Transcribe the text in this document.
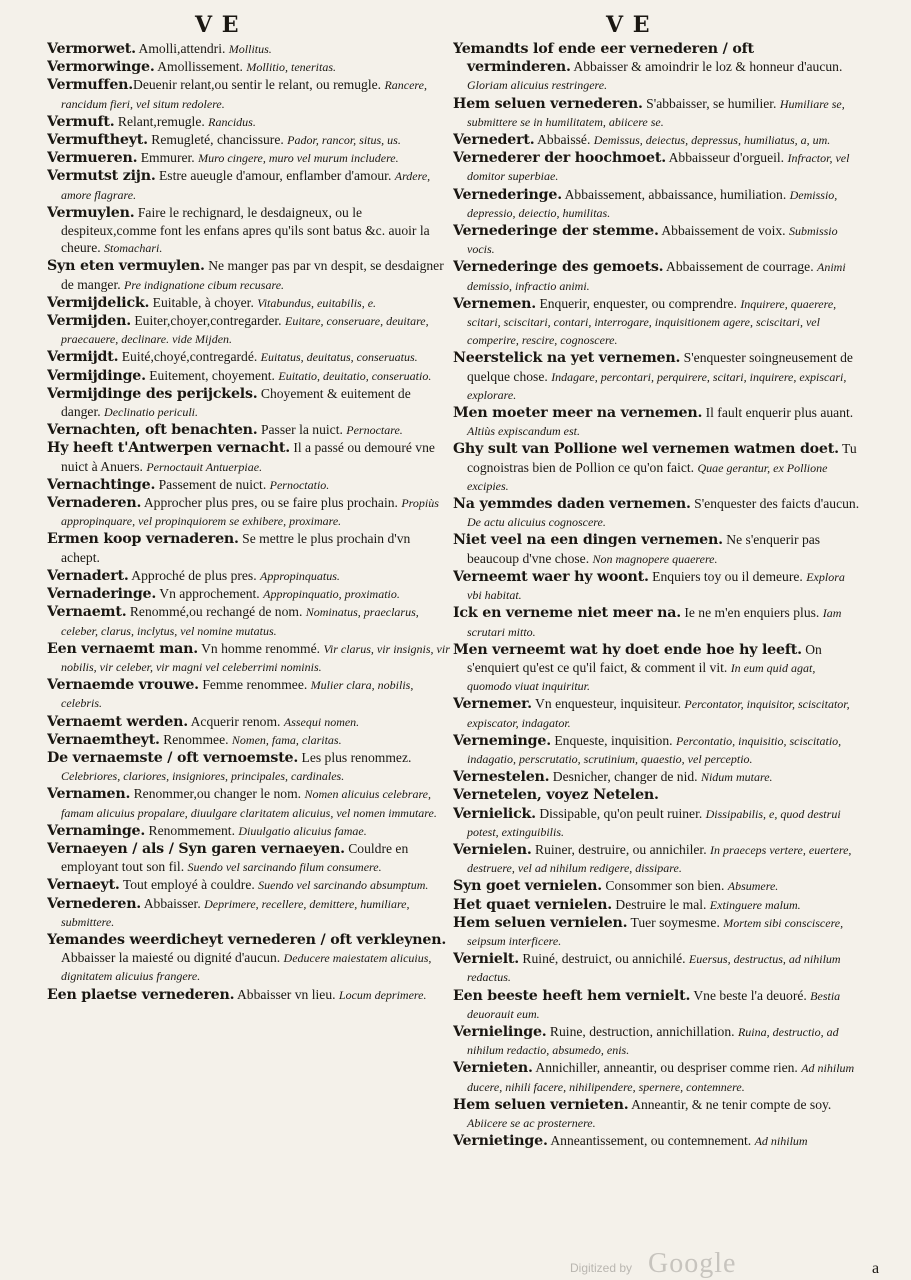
V E	V E

Vermorwet. Amolli,attendri. Mollitus.

Vermorwinge. Amollissement. Mollitio, teneritas.

Vermuffen.Deuenir relant,ou sentir le relant, ou remugle. Rancere, rancidum fieri, vel situm redolere.

Vermuft. Relant,remugle. Rancidus.

Vermuftheyt. Remugleté, chancissure. Pador, rancor, situs, us.

Vermueren. Emmurer. Muro cingere, muro vel murum includere.

Vermutst zijn. Estre aueugle d'amour, enflamber d'amour. Ardere, amore flagrare.

Vermuylen. Faire le rechignard, le desdaigneux, ou le despiteux,comme font les enfans apres qu'ils sont batus &c. auoir la cheure. Stomachari.

Syn eten vermuylen. Ne manger pas par vn despit, se desdaigner de manger. Pre indignatione cibum recusare.

Vermijdelick. Euitable, à choyer. Vitabundus, euitabilis, e.

Vermijden. Euiter,choyer,contregarder. Euitare, conseruare, deuitare, praecauere, declinare. vide Mijden.

Vermijdt. Euité,choyé,contregardé. Euitatus, deuitatus, conseruatus.

Vermijdinge. Euitement, choyement. Euitatio, deuitatio, conseruatio.

Vermijdinge des perijckels. Choyement & euitement de danger. Declinatio periculi.

Vernachten, oft benachten. Passer la nuict. Pernoctare.

Hy heeft t'Antwerpen vernacht. Il a passé ou demouré vne nuict à Anuers. Pernoctauit Antuerpiae.

Vernachtinge. Passement de nuict. Pernoctatio.

Vernaderen. Approcher plus pres, ou se faire plus prochain. Propiùs appropinquare, vel propinquiorem se exhibere, proximare.

Ermen koop vernaderen. Se mettre le plus prochain d'vn achept.

Vernadert. Approché de plus pres. Appropinquatus.

Vernaderinge. Vn approchement. Appropinquatio, proximatio.

Vernaemt. Renommé,ou rechangé de nom. Nominatus, praeclarus, celeber, clarus, inclytus, vel nomine mutatus.

Een vernaemt man. Vn homme renommé. Vir clarus, vir insignis, vir nobilis, vir celeber, vir magni vel celeberrimi nominis.

Vernaemde vrouwe. Femme renommee. Mulier clara, nobilis, celebris.

Vernaemt werden. Acquerir renom. Assequi nomen.

Vernaemtheyt. Renommee. Nomen, fama, claritas.

De vernaemste / oft vernoemste. Les plus renommez. Celebriores, clariores, insigniores, principales, cardinales.

Vernamen. Renommer,ou changer le nom. Nomen alicuius celebrare, famam alicuius propalare, diuulgare claritatem alicuius, vel nomen immutare.

Vernaminge. Renommement. Diuulgatio alicuius famae.

Vernaeyen / als / Syn garen vernaeyen. Couldre en employant tout son fil. Suendo vel sarcinando filum consumere.

Vernaeyt. Tout employé à couldre. Suendo vel sarcinando absumptum.

Vernederen. Abbaisser. Deprimere, recellere, demittere, humiliare, submittere.

Yemandes weerdicheyt vernederen / oft verkleynen. Abbaisser la maiesté ou dignité d'aucun. Deducere maiestatem alicuius, dignitatem alicuius frangere.

Een plaetse vernederen. Abbaisser vn lieu. Locum deprimere.

Yemandts lof ende eer vernederen / oft verminderen. Abbaisser & amoindrir le loz & honneur d'aucun. Gloriam alicuius restringere.

Hem seluen vernederen. S'abbaisser, se humilier. Humiliare se, submittere se in humilitatem, abiicere se.

Vernedert. Abbaissé. Demissus, deiectus, depressus, humiliatus, a, um.

Vernederer der hoochmoet. Abbaisseur d'orgueil. Infractor, vel domitor superbiae.

Vernederinge. Abbaissement, abbaissance, humiliation. Demissio, depressio, deiectio, humilitas.

Vernederinge der stemme. Abbaissement de voix. Submissio vocis.

Vernederinge des gemoets. Abbaissement de courrage. Animi demissio, infractio animi.

Vernemen. Enquerir, enquester, ou comprendre. Inquirere, quaerere, scitari, sciscitari, contari, interrogare, inquisitionem agere, sciscitari, vel comperire, rescire, cognoscere.

Neerstelick na yet vernemen. S'enquester soingneusement de quelque chose. Indagare, percontari, perquirere, scitari, inquirere, expiscari, explorare.

Men moeter meer na vernemen. Il fault enquerir plus auant. Altiùs expiscandum est.

Ghy sult van Pollione wel vernemen watmen doet. Tu cognoistras bien de Pollion ce qu'on faict. Quae gerantur, ex Pollione excipies.

Na yemmdes daden vernemen. S'enquester des faicts d'aucun. De actu alicuius cognoscere.

Niet veel na een dingen vernemen. Ne s'enquerir pas beaucoup d'vne chose. Non magnopere quaerere.

Verneemt waer hy woont. Enquiers toy ou il demeure. Explora vbi habitat.

Ick en verneme niet meer na. Ie ne m'en enquiers plus. Iam scrutari mitto.

Men verneemt wat hy doet ende hoe hy leeft. On s'enquiert qu'est ce qu'il faict, & comment il vit. In eum quid agat, quomodo viuat inquiritur.

Vernemer. Vn enquesteur, inquisiteur. Percontator, inquisitor, sciscitator, expiscator, indagator.

Verneminge. Enqueste, inquisition. Percontatio, inquisitio, sciscitatio, indagatio, perscrutatio, scrutinium, quaestio, vel perceptio.

Vernestelen. Desnicher, changer de nid. Nidum mutare.

Vernetelen, voyez Netelen.

Vernielick. Dissipable, qu'on peult ruiner. Dissipabilis, e, quod destrui potest, extinguibilis.

Vernielen. Ruiner, destruire, ou annichiler. In praeceps vertere, euertere, destruere, vel ad nihilum redigere, dissipare.

Syn goet vernielen. Consommer son bien. Absumere.

Het quaet vernielen. Destruire le mal. Extinguere malum.

Hem seluen vernielen. Tuer soymesme. Mortem sibi consciscere, seipsum interficere.

Vernielt. Ruiné, destruict, ou annichilé. Euersus, destructus, ad nihilum redactus.

Een beeste heeft hem vernielt. Vne beste l'a deuoré. Bestia deuorauit eum.

Vernielinge. Ruine, destruction, annichillation. Ruina, destructio, ad nihilum redactio, absumedo, enis.

Vernieten. Annichiller, anneantir, ou despriser comme rien. Ad nihilum ducere, nihili facere, nihilipendere, spernere, contemnere.

Hem seluen vernieten. Anneantir, & ne tenir compte de soy. Abiicere se ac prosternere.

Vernietinge. Anneantissement, ou contemnement. Ad nihilum

Digitized by Google	a
